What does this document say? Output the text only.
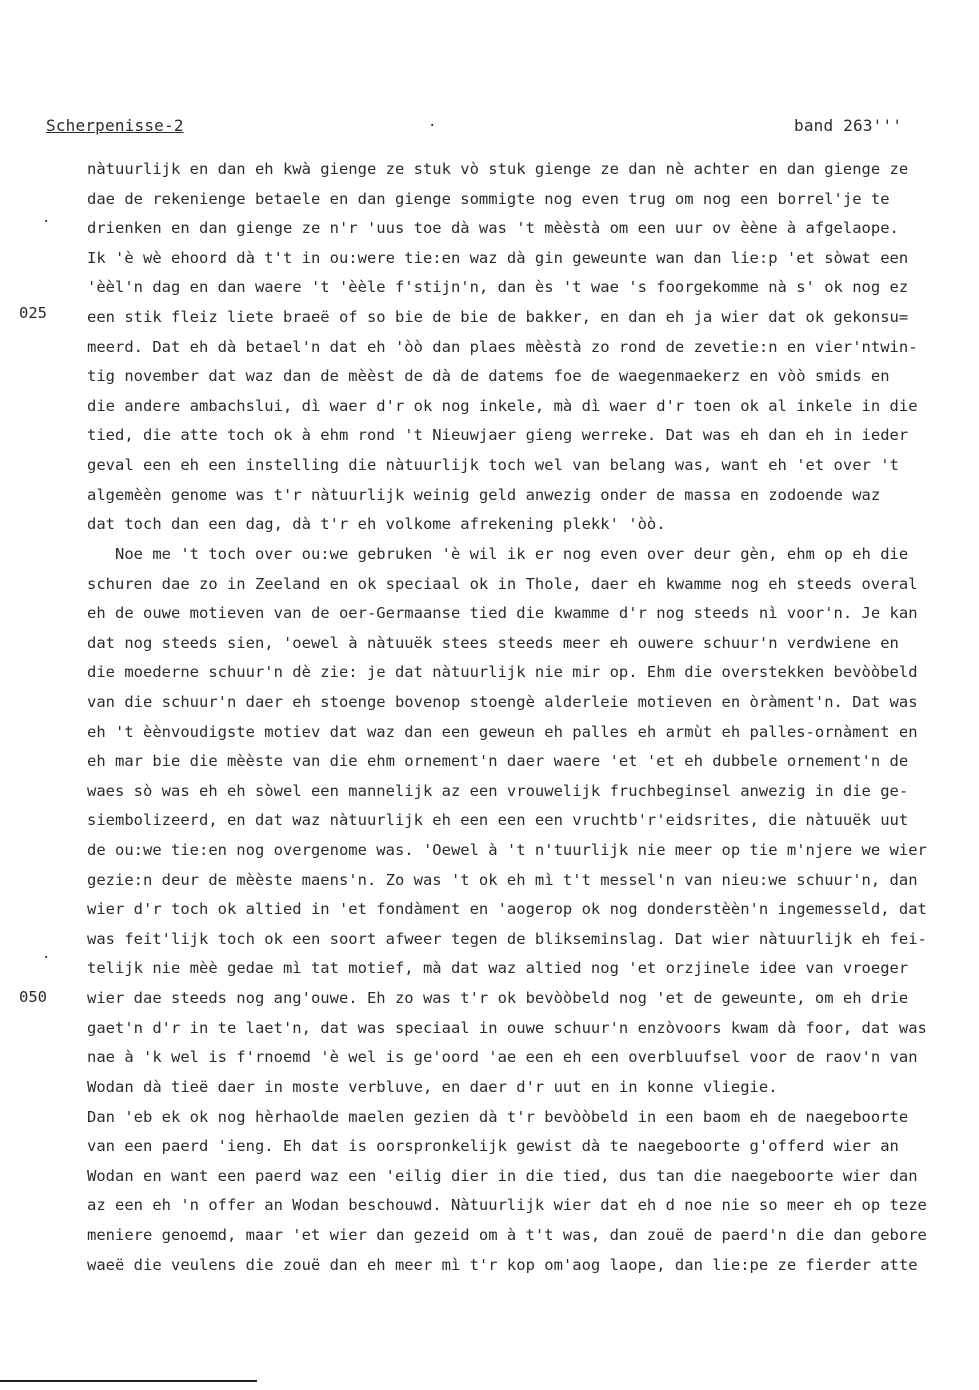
Scherpenisse-2	·	band 263'''
·
025
·
050
nàtuurlijk en dan eh kwà gienge ze stuk vò stuk gienge ze dan nè achter en dan gienge ze
dae de rekenienge betaele en dan gienge sommigte nog even trug om nog een borrel'je te
drienken en dan gienge ze n'r 'uus toe dà was 't mèèstà om een uur ov èène à afgelaope.
Ik 'è wè ehoord dà t't in ou:were tie:en waz dà gin geweunte wan dan lie:p 'et sòwat een
'èèl'n dag en dan waere 't 'èèle f'stijn'n, dan ès 't wae 's foorgekomme nà s' ok nog ez
een stik fleiz liete braeë of so bie de bie de bakker, en dan eh ja wier dat ok gekonsu=
meerd. Dat eh dà betael'n dat eh 'òò dan plaes mèèstà zo rond de zevetie:n en vier'ntwin-
tig november dat waz dan de mèèst de dà de datems foe de waegenmaekerz en vòò smids en
die andere ambachslui, dì waer d'r ok nog inkele, mà dì waer d'r toen ok al inkele in die
tied, die atte toch ok à ehm rond 't Nieuwjaer gieng werreke. Dat was eh dan eh in ieder
geval een eh een instelling die nàtuurlijk toch wel van belang was, want eh 'et over 't
algemèèn genome was t'r nàtuurlijk weinig geld anwezig onder de massa en zodoende waz
dat toch dan een dag, dà t'r eh volkome afrekening plekk' 'òò.
Noe me 't toch over ou:we gebruken 'è wil ik er nog even over deur gèn, ehm op eh die
schuren dae zo in Zeeland en ok speciaal ok in Thole, daer eh kwamme nog eh steeds overal
eh de ouwe motieven van de oer-Germaanse tied die kwamme d'r nog steeds nì voor'n. Je kan
dat nog steeds sien, 'oewel à nàtuuëk stees steeds meer eh ouwere schuur'n verdwiene en
die moederne schuur'n dè zie: je dat nàtuurlijk nie mir op. Ehm die overstekken bevòòbeld
van die schuur'n daer eh stoenge bovenop stoengè alderleie motieven en òràment'n. Dat was
eh 't èènvoudigste motiev dat waz dan een geweun eh palles eh armùt eh palles-ornàment en
eh mar bie die mèèste van die ehm ornement'n daer waere 'et 'et eh dubbele ornement'n de
waes sò was eh eh sòwel een mannelijk az een vrouwelijk fruchbeginsel anwezig in die ge-
siembolizeerd, en dat waz nàtuurlijk eh een een een vruchtb'r'eidsrites, die nàtuuëk uut
de ou:we tie:en nog overgenome was. 'Oewel à 't n'tuurlijk nie meer op tie m'njere we wier
gezie:n deur de mèèste maens'n. Zo was 't ok eh mì t't messel'n van nieu:we schuur'n, dan
wier d'r toch ok altied in 'et fondàment en 'aogerop ok nog donderstèèn'n ingemesseld, dat
was feit'lijk toch ok een soort afweer tegen de blikseminslag. Dat wier nàtuurlijk eh fei-
telijk nie mèè gedae mì tat motief, mà dat waz altied nog 'et orzjinele idee van vroeger
wier dae steeds nog ang'ouwe. Eh zo was t'r ok bevòòbeld nog 'et de geweunte, om eh drie
gaet'n d'r in te laet'n, dat was speciaal in ouwe schuur'n enzòvoors kwam dà foor, dat was
nae à 'k wel is f'rnoemd 'è wel is ge'oord 'ae een eh een overbluufsel voor de raov'n van
Wodan dà tieë daer in moste verbluve, en daer d'r uut en in konne vliegie.
Dan 'eb ek ok nog hèrhaolde maelen gezien dà t'r bevòòbeld in een baom eh de naegeboorte
van een paerd 'ieng. Eh dat is oorspronkelijk gewist dà te naegeboorte g'offerd wier an
Wodan en want een paerd waz een 'eilig dier in die tied, dus tan die naegeboorte wier dan
az een eh 'n offer an Wodan beschouwd. Nàtuurlijk wier dat eh d noe nie so meer eh op teze
meniere genoemd, maar 'et wier dan gezeid om à t't was, dan zouë de paerd'n die dan gebore
waeë die veulens die zouë dan eh meer mì t'r kop om'aog laope, dan lie:pe ze fierder atte
